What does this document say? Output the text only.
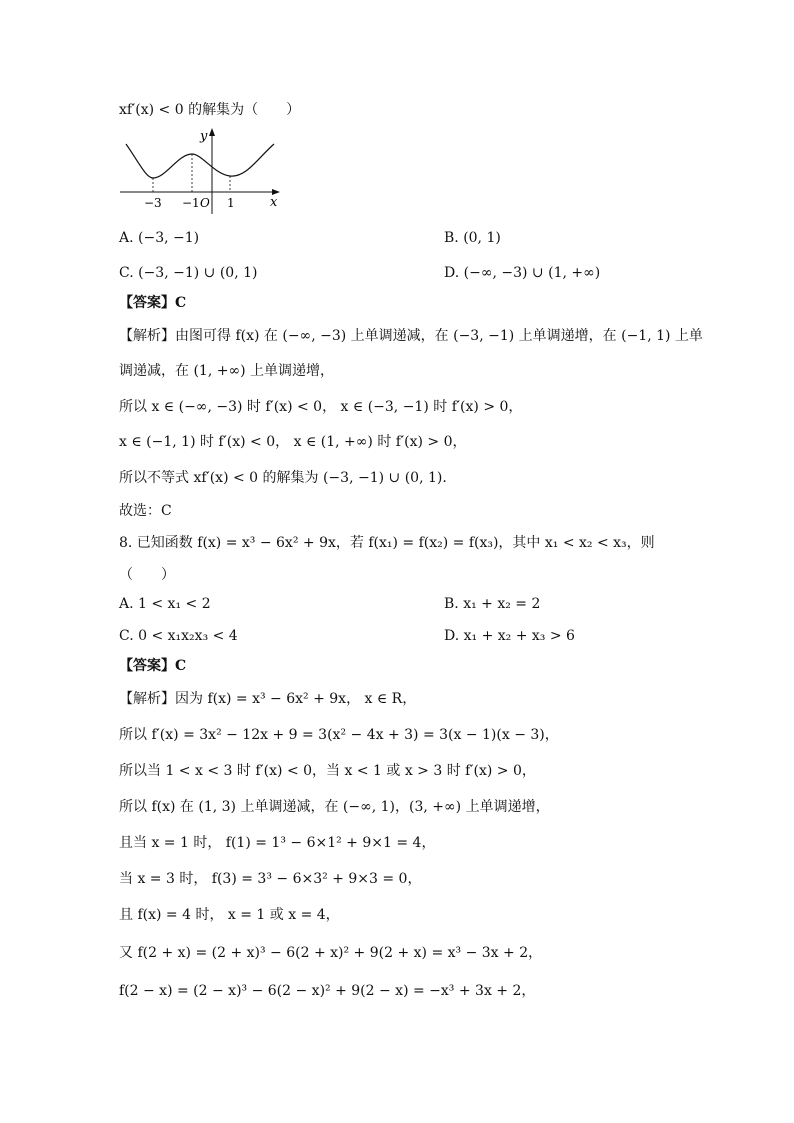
xf′(x) < 0 的解集为（　　）
y
x
−3 −1 O 1
A. (−3, −1)	B. (0, 1)
C. (−3, −1) ∪ (0, 1)	D. (−∞, −3) ∪ (1, +∞)
【答案】C
【解析】由图可得 f(x) 在 (−∞, −3) 上单调递减，在 (−3, −1) 上单调递增，在 (−1, 1) 上单
调递减，在 (1, +∞) 上单调递增，
所以 x ∈ (−∞, −3) 时 f′(x) < 0， x ∈ (−3, −1) 时 f′(x) > 0，
x ∈ (−1, 1) 时 f′(x) < 0， x ∈ (1, +∞) 时 f′(x) > 0，
所以不等式 xf′(x) < 0 的解集为 (−3, −1) ∪ (0, 1).
故选：C
8. 已知函数 f(x) = x³ − 6x² + 9x，若 f(x₁) = f(x₂) = f(x₃)，其中 x₁ < x₂ < x₃，则
（　　）
A. 1 < x₁ < 2	B. x₁ + x₂ = 2
C. 0 < x₁x₂x₃ < 4	D. x₁ + x₂ + x₃ > 6
【答案】C
【解析】因为 f(x) = x³ − 6x² + 9x， x ∈ R，
所以 f′(x) = 3x² − 12x + 9 = 3(x² − 4x + 3) = 3(x − 1)(x − 3)，
所以当 1 < x < 3 时 f′(x) < 0，当 x < 1 或 x > 3 时 f′(x) > 0，
所以 f(x) 在 (1, 3) 上单调递减，在 (−∞, 1)，(3, +∞) 上单调递增，
且当 x = 1 时， f(1) = 1³ − 6×1² + 9×1 = 4，
当 x = 3 时， f(3) = 3³ − 6×3² + 9×3 = 0，
且 f(x) = 4 时， x = 1 或 x = 4，
又 f(2 + x) = (2 + x)³ − 6(2 + x)² + 9(2 + x) = x³ − 3x + 2，
f(2 − x) = (2 − x)³ − 6(2 − x)² + 9(2 − x) = −x³ + 3x + 2，
